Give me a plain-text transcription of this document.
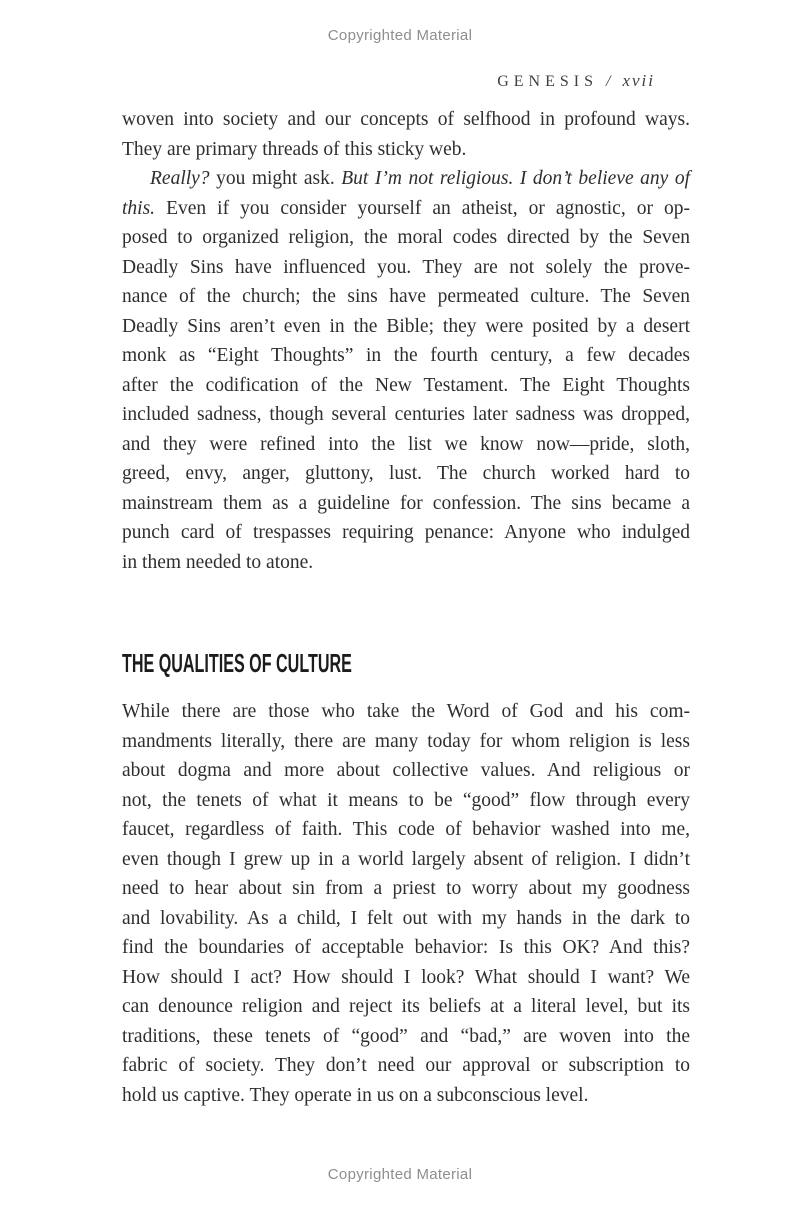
Copyrighted Material
GENESIS / xvii
woven into society and our concepts of selfhood in profound ways.
They are primary threads of this sticky web.
Really? you might ask. But I’m not religious. I don’t believe any of
this. Even if you consider yourself an atheist, or agnostic, or op-
posed to organized religion, the moral codes directed by the Seven
Deadly Sins have influenced you. They are not solely the prove-
nance of the church; the sins have permeated culture. The Seven
Deadly Sins aren’t even in the Bible; they were posited by a desert
monk as “Eight Thoughts” in the fourth century, a few decades
after the codification of the New Testament. The Eight Thoughts
included sadness, though several centuries later sadness was dropped,
and they were refined into the list we know now—pride, sloth,
greed, envy, anger, gluttony, lust. The church worked hard to
mainstream them as a guideline for confession. The sins became a
punch card of trespasses requiring penance: Anyone who indulged
in them needed to atone.
THE QUALITIES OF CULTURE
While there are those who take the Word of God and his com-
mandments literally, there are many today for whom religion is less
about dogma and more about collective values. And religious or
not, the tenets of what it means to be “good” flow through every
faucet, regardless of faith. This code of behavior washed into me,
even though I grew up in a world largely absent of religion. I didn’t
need to hear about sin from a priest to worry about my goodness
and lovability. As a child, I felt out with my hands in the dark to
find the boundaries of acceptable behavior: Is this OK? And this?
How should I act? How should I look? What should I want? We
can denounce religion and reject its beliefs at a literal level, but its
traditions, these tenets of “good” and “bad,” are woven into the
fabric of society. They don’t need our approval or subscription to
hold us captive. They operate in us on a subconscious level.
Copyrighted Material
